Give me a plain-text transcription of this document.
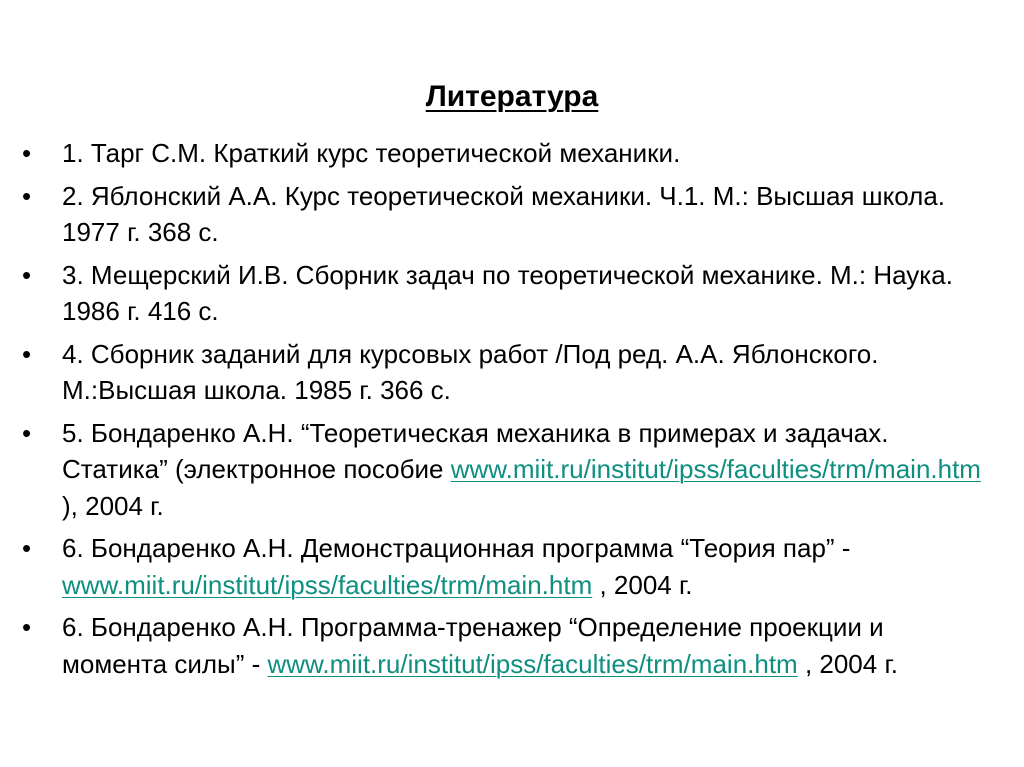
Литература
•	1. Тарг С.М. Краткий курс теоретической механики.
•	2. Яблонский А.А. Курс теоретической механики. Ч.1. М.: Высшая школа. 1977 г. 368 с.
•	3. Мещерский И.В. Сборник задач по теоретической механике. М.: Наука. 1986 г. 416 с.
•	4. Сборник заданий для курсовых работ /Под ред. А.А. Яблонского. М.:Высшая школа. 1985 г. 366 с.
•	5. Бондаренко А.Н. “Теоретическая механика в примерах и задачах. Статика” (электронное пособие www.miit.ru/institut/ipss/faculties/trm/main.htm ), 2004 г.
•	6. Бондаренко А.Н. Демонстрационная программа “Теория пар” - www.miit.ru/institut/ipss/faculties/trm/main.htm , 2004 г.
•	6. Бондаренко А.Н. Программа-тренажер “Определение проекции и момента силы” - www.miit.ru/institut/ipss/faculties/trm/main.htm , 2004 г.
